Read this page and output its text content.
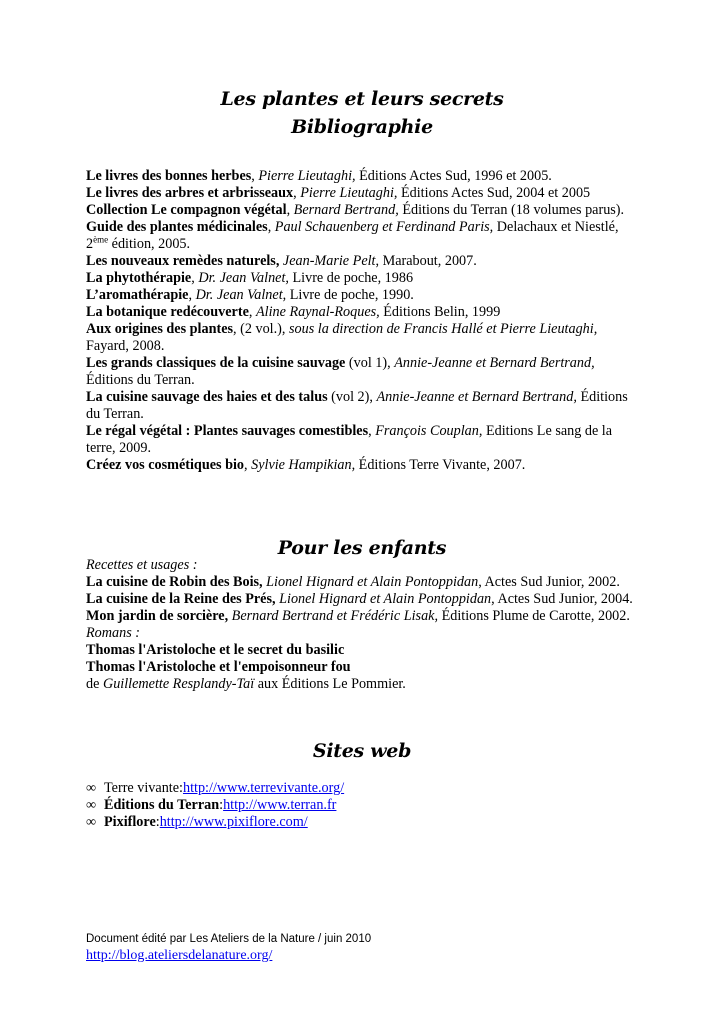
Les plantes et leurs secrets
Bibliographie

Le livres des bonnes herbes, Pierre Lieutaghi, Éditions Actes Sud, 1996 et 2005.

Le livres des arbres et arbrisseaux, Pierre Lieutaghi, Éditions Actes Sud, 2004 et 2005

Collection Le compagnon végétal, Bernard Bertrand, Éditions du Terran (18 volumes parus).

Guide des plantes médicinales, Paul Schauenberg et Ferdinand Paris, Delachaux et Niestlé, 2ème édition, 2005.

Les nouveaux remèdes naturels, Jean-Marie Pelt, Marabout, 2007.

La phytothérapie, Dr. Jean Valnet, Livre de poche, 1986

L’aromathérapie, Dr. Jean Valnet, Livre de poche, 1990.

La botanique redécouverte, Aline Raynal-Roques, Éditions Belin, 1999

Aux origines des plantes, (2 vol.), sous la direction de Francis Hallé et Pierre Lieutaghi, Fayard, 2008.

Les grands classiques de la cuisine sauvage (vol 1), Annie-Jeanne et Bernard Bertrand, Éditions du Terran.

La cuisine sauvage des haies et des talus (vol 2), Annie-Jeanne et Bernard Bertrand, Éditions du Terran.

Le régal végétal : Plantes sauvages comestibles, François Couplan, Editions Le sang de la terre, 2009.

Créez vos cosmétiques bio, Sylvie Hampikian, Éditions Terre Vivante, 2007.

Pour les enfants

Recettes et usages :

La cuisine de Robin des Bois, Lionel Hignard et Alain Pontoppidan, Actes Sud Junior, 2002.

La cuisine de la Reine des Prés, Lionel Hignard et Alain Pontoppidan, Actes Sud Junior, 2004.

Mon jardin de sorcière, Bernard Bertrand et Frédéric Lisak, Éditions Plume de Carotte, 2002.

Romans :

Thomas l'Aristoloche et le secret du basilic

Thomas l'Aristoloche et l'empoisonneur fou

de Guillemette Resplandy-Taï aux Éditions Le Pommier.

Sites web

∞ Terre vivante : http://www.terrevivante.org/

∞ Éditions du Terran : http://www.terran.fr

∞ Pixiflore : http://www.pixiflore.com/

Document édité par Les Ateliers de la Nature / juin 2010

http://blog.ateliersdelanature.org/
